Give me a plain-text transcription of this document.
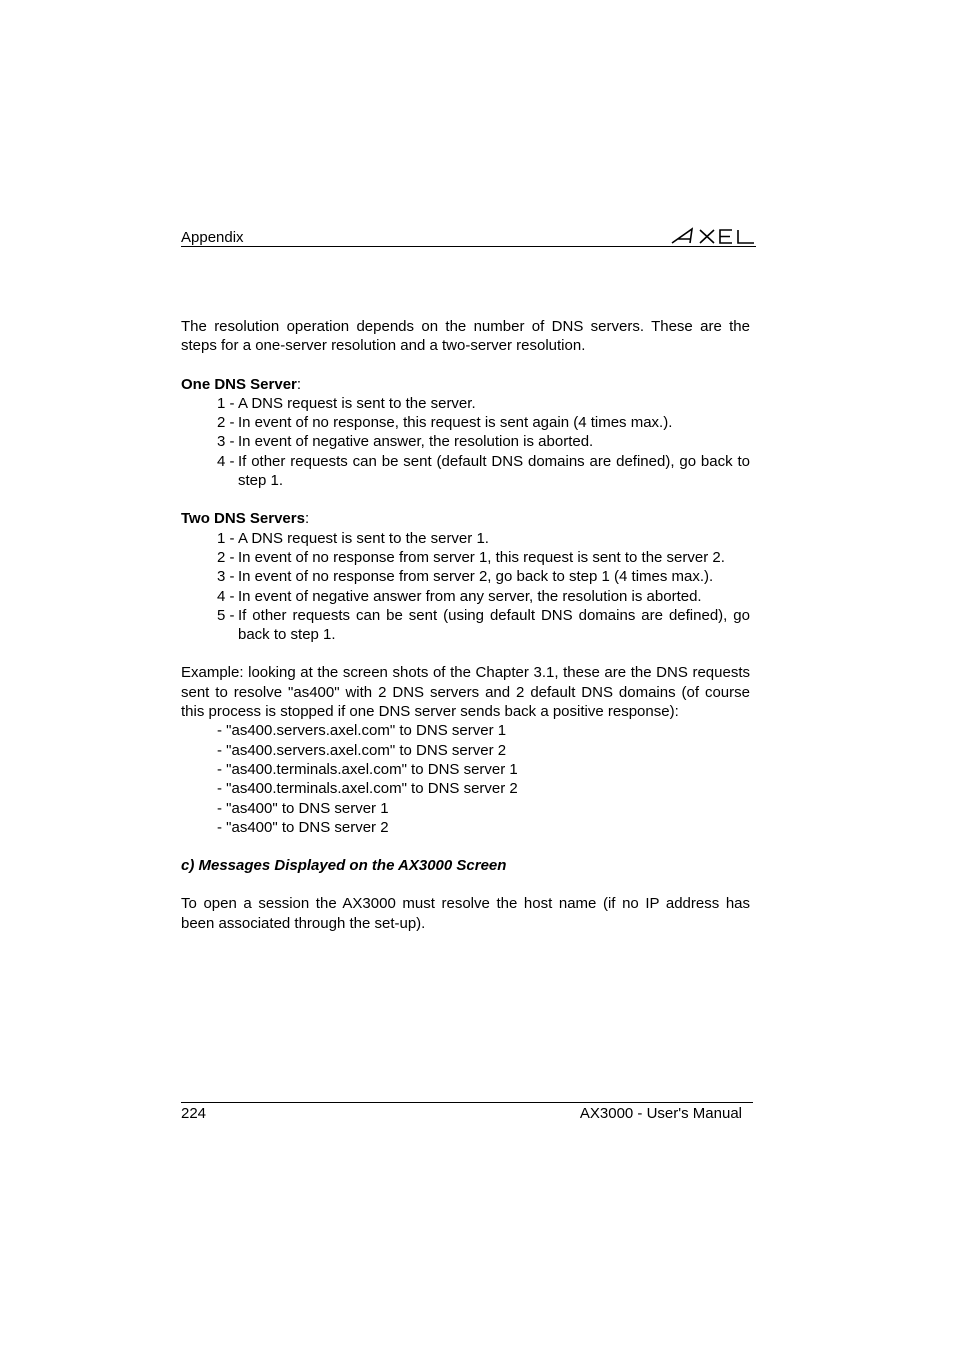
Appendix

The resolution operation depends on the number of DNS servers. These are the steps for a one-server resolution and a two-server resolution.

One DNS Server:

1 - A DNS request is sent to the server.
2 - In event of no response, this request is sent again (4 times max.).
3 - In event of negative answer, the resolution is aborted.
4 - If other requests can be sent (default DNS domains are defined), go back to step 1.

Two DNS Servers:

1 - A DNS request is sent to the server 1.
2 - In event of no response from server 1, this request is sent to the server 2.
3 - In event of no response from server 2, go back to step 1 (4 times max.).
4 - In event of negative answer from any server, the resolution is aborted.
5 - If other requests can be sent (using default DNS domains are defined), go back to step 1.

Example: looking at the screen shots of the Chapter 3.1, these are the DNS requests sent to resolve "as400" with 2 DNS servers and 2 default DNS domains (of course this process is stopped if one DNS server sends back a positive response):

- "as400.servers.axel.com" to DNS server 1
- "as400.servers.axel.com" to DNS server 2
- "as400.terminals.axel.com" to DNS server 1
- "as400.terminals.axel.com" to DNS server 2
- "as400" to DNS server 1
- "as400" to DNS server 2

c) Messages Displayed on the AX3000 Screen

To open a session the AX3000 must resolve the host name (if no IP address has been associated through the set-up).

224	AX3000 - User's Manual
